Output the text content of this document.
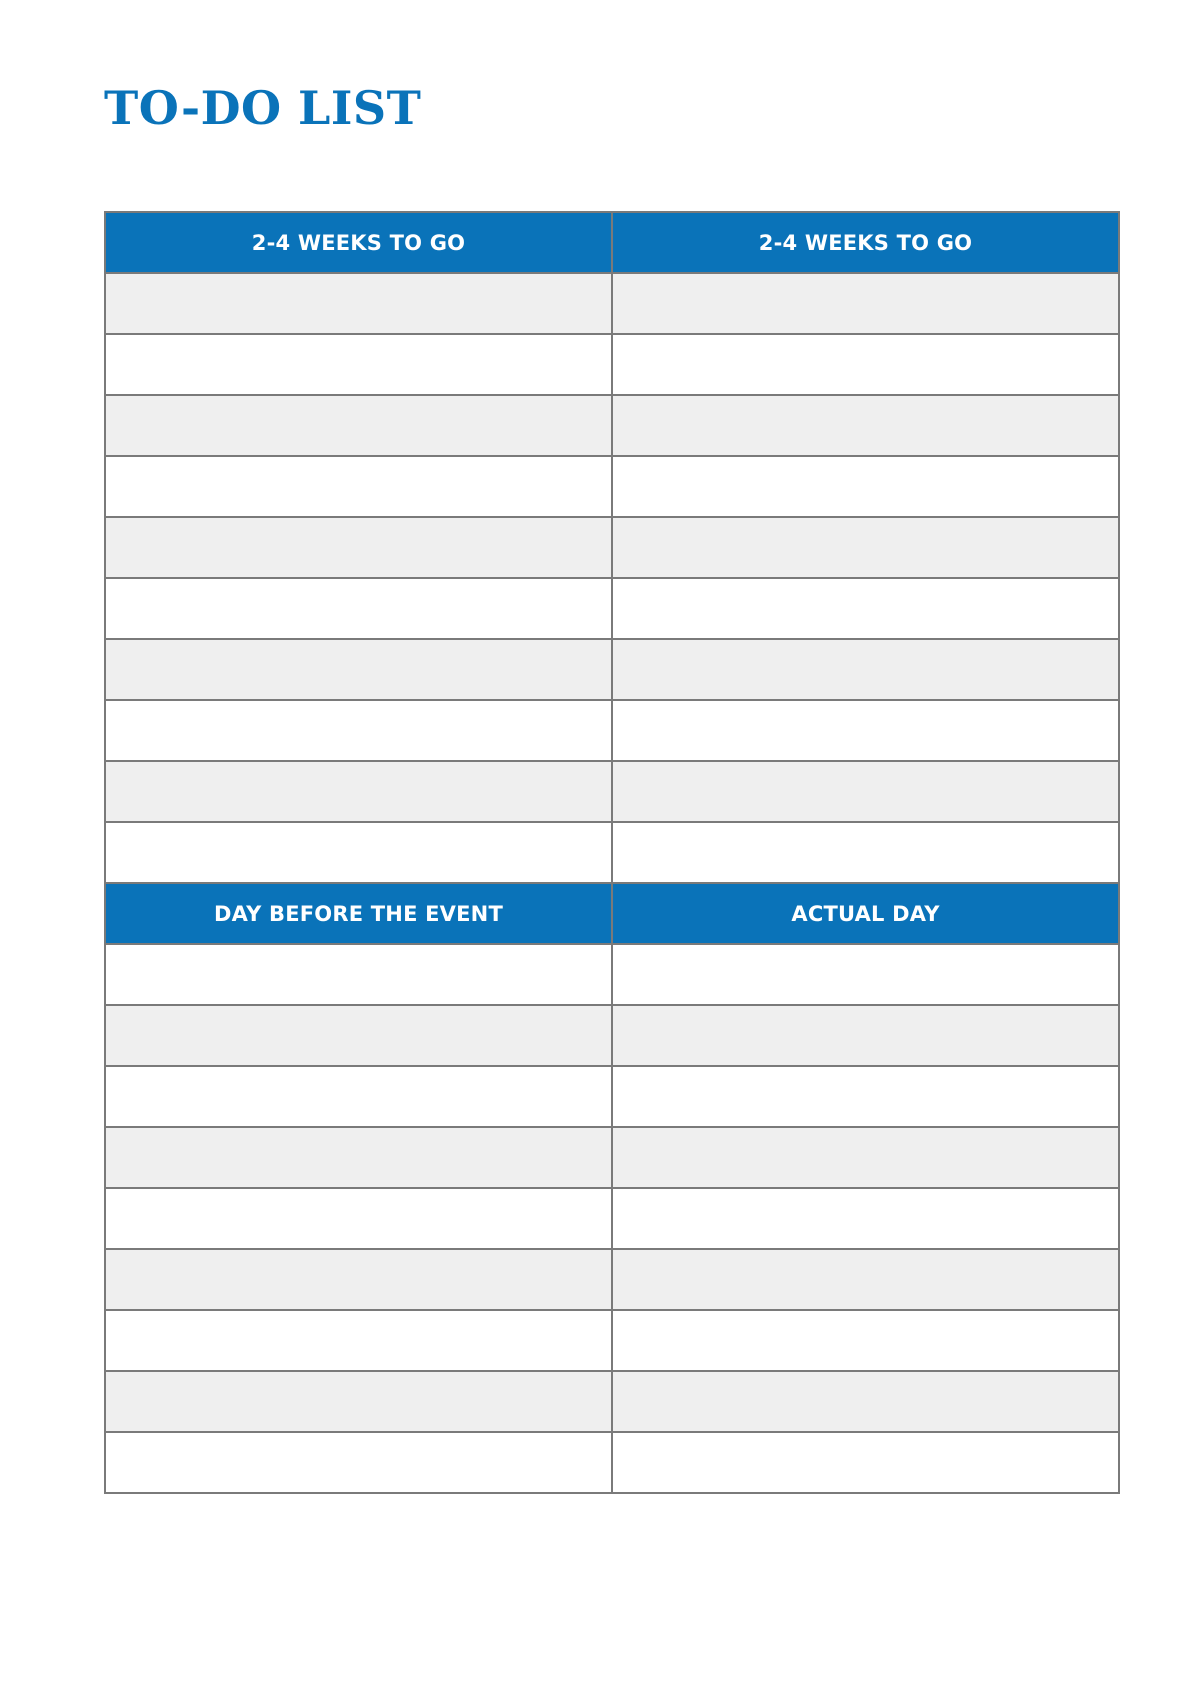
TO-DO LIST
2-4 WEEKS TO GO	2-4 WEEKS TO GO

DAY BEFORE THE EVENT	ACTUAL DAY
